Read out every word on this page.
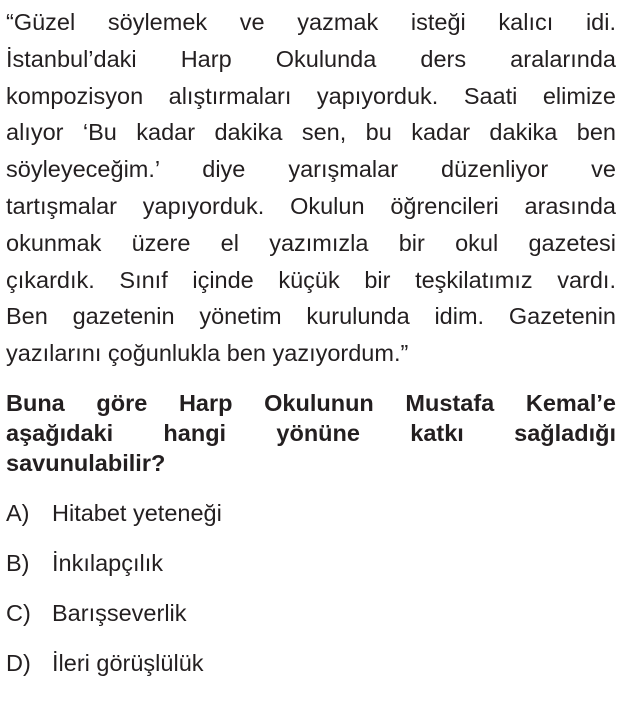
“Güzel söylemek ve yazmak isteği kalıcı idi.
İstanbul’daki Harp Okulunda ders aralarında
kompozisyon alıştırmaları yapıyorduk. Saati elimize
alıyor ‘Bu kadar dakika sen, bu kadar dakika ben
söyleyeceğim.’ diye yarışmalar düzenliyor ve
tartışmalar yapıyorduk. Okulun öğrencileri arasında
okunmak üzere el yazımızla bir okul gazetesi
çıkardık. Sınıf içinde küçük bir teşkilatımız vardı.
Ben gazetenin yönetim kurulunda idim. Gazetenin
yazılarını çoğunlukla ben yazıyordum.”

Buna göre Harp Okulunun Mustafa Kemal’e
aşağıdaki hangi yönüne katkı sağladığı
savunulabilir?

A) Hitabet yeteneği
B) İnkılapçılık
C) Barışseverlik
D) İleri görüşlülük
